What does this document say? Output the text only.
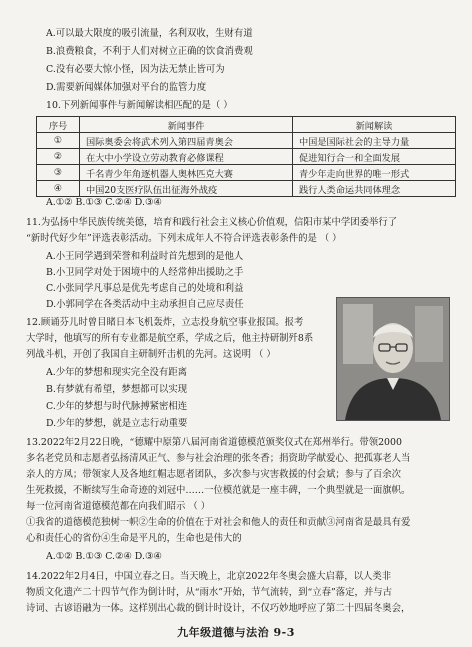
A.可以最大限度的吸引流量，名利双收，生财有道
B.浪费粮食，不利于人们对树立正确的饮食消费观
C.没有必要大惊小怪，因为法无禁止皆可为
D.需要新闻媒体加强对平台的监管力度
10.下列新闻事件与新闻解读相匹配的是（ ）
序号	新闻事件	新闻解读
①	国际奥委会将武术列入第四届青奥会	中国是国际社会的主导力量
②	在大中小学设立劳动教育必修课程	促进知行合一和全面发展
③	千名青少年角逐机器人奥林匹克大赛	青少年走向世界的唯一形式
④	中国20支医疗队伍出征海外战疫	践行人类命运共同体理念
A.①② B.①③ C.②④ D.③④
11.为弘扬中华民族传统美德，培育和践行社会主义核心价值观，信阳市某中学团委举行了
“新时代好少年”评选表彰活动。下列未成年人不符合评选表彰条件的是 （ ）
A.小王同学遇到荣誉和利益时首先想到的是他人
B.小卫同学对处于困境中的人经常伸出援助之手
C.小张同学凡事总是优先考虑自己的处境和利益
D.小郭同学在各类活动中主动承担自己应尽责任
12.顾诵芬儿时曾目睹日本飞机轰炸，立志投身航空事业报国。报考
大学时，他填写的所有专业都是航空系，学成之后，他主持研制歼8系
列战斗机，开创了我国自主研制歼击机的先河。这说明 （ ）
A.少年的梦想和现实完全没有距离
B.有梦就有希望，梦想都可以实现
C.少年的梦想与时代脉搏紧密相连
D.少年的梦想，就是立志行动重要
13.2022年2月22日晚，“德耀中原第八届河南省道德模范颁奖仪式在郑州举行。带领2000
多名老党员和志愿者弘扬清风正气、参与社会治理的张冬香；捐资助学献爱心、把孤寡老人当
亲人的方凤；带领家人及各地红帽志愿者团队，多次参与灾害救援的付会斌；参与了百余次
生死救援，不断续写生命奇迹的刘冠中……一位模范就是一座丰碑，一个典型就是一面旗帜。
每一位河南省道德模范都在向我们昭示 （ ）
①我省的道德模范独树一帜②生命的价值在于对社会和他人的责任和贡献③河南省是最具有爱
心和责任心的省份④生命是平凡的，生命也是伟大的
A.①② B.①③ C.②④ D.③④
14.2022年2月4日，中国立春之日。当天晚上，北京2022年冬奥会盛大启幕，以人类非
物质文化遗产二十四节气作为倒计时，从“雨水”开始，节气流转，到“立春”落定，并与古
诗词、古谚语融为一体。这样别出心裁的倒计时设计，不仅巧妙地呼应了第二十四届冬奥会，
九年级道德与法治 9-3
